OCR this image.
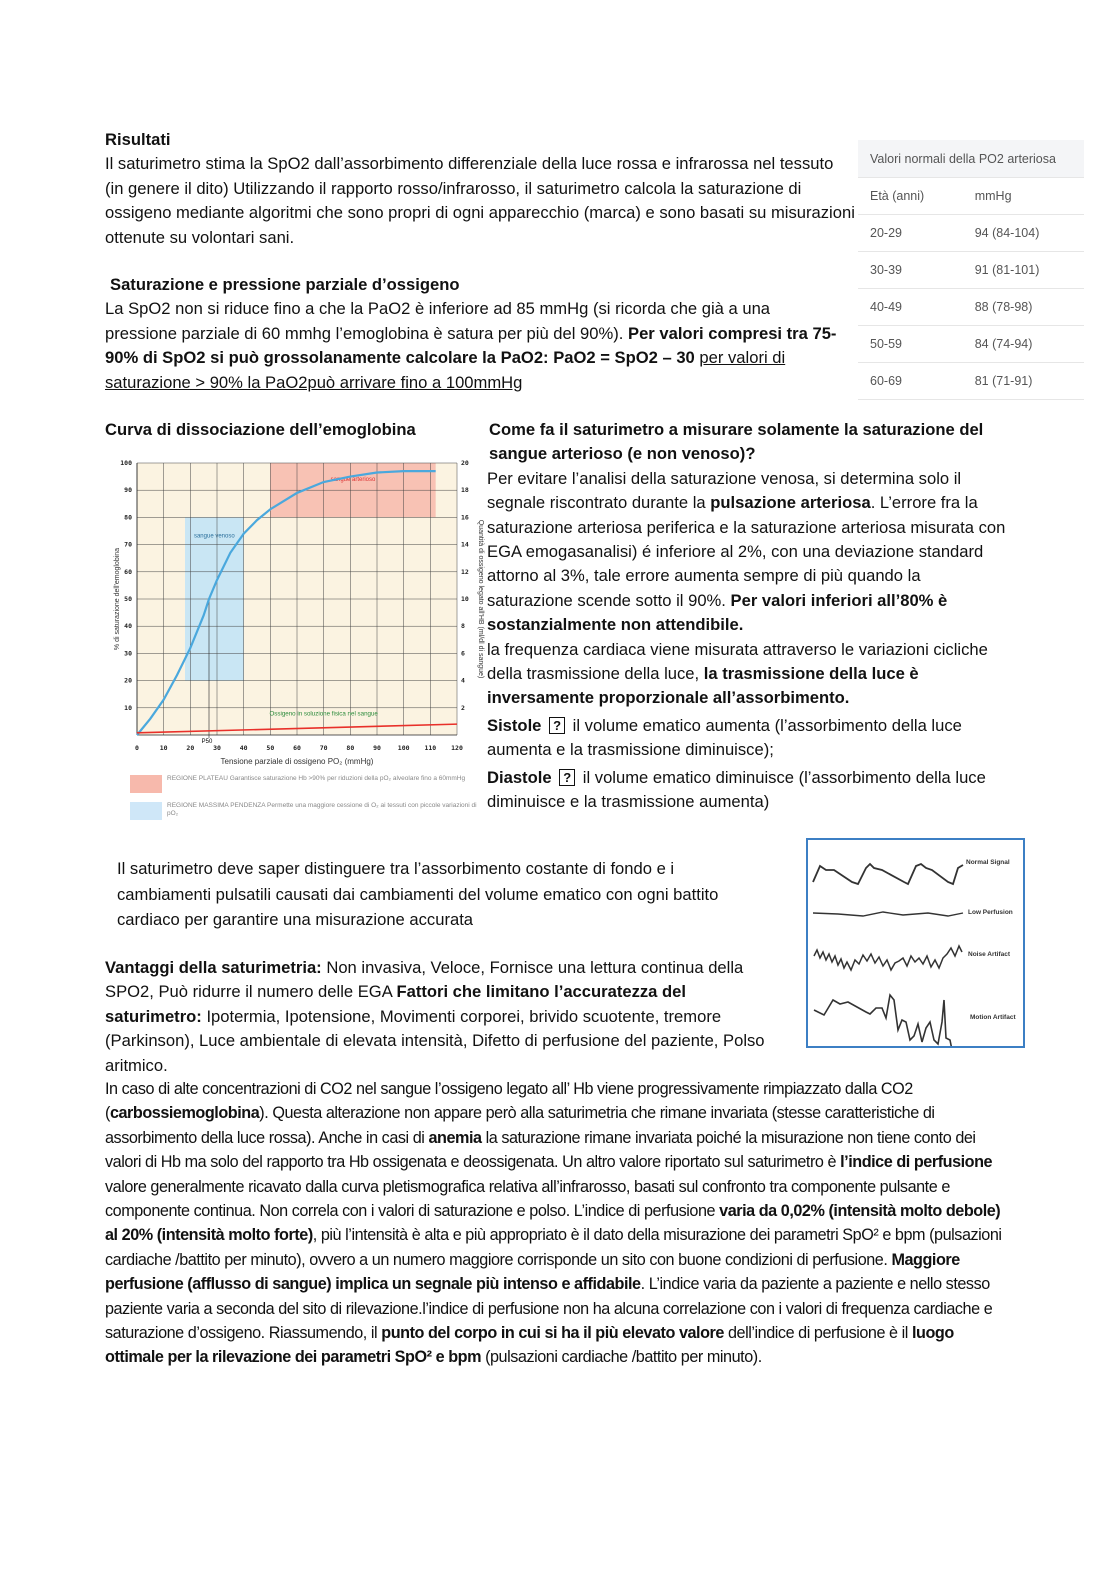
Risultati

Il saturimetro stima la SpO2 dall’assorbimento differenziale della luce rossa e infrarossa nel tessuto (in genere il dito) Utilizzando il rapporto rosso/infrarosso, il saturimetro calcola la saturazione di ossigeno mediante algoritmi che sono propri di ogni apparecchio (marca) e sono basati su misurazioni ottenute su volontari sani.

Saturazione e pressione parziale d’ossigeno

La SpO2 non si riduce fino a che la PaO2 è inferiore ad 85 mmHg (si ricorda che già a una pressione parziale di 60 mmhg l’emoglobina è satura per più del 90%). Per valori compresi tra 75- 90% di SpO2 si può grossolanamente calcolare la PaO2: PaO2 = SpO2 – 30 per valori di saturazione > 90% la PaO2può arrivare fino a 100mmHg

Valori normali della PO2 arteriosa	
Età (anni)	mmHg
20-29	94 (84-104)
30-39	91 (81-101)
40-49	88 (78-98)
50-59	84 (74-94)
60-69	81 (71-91)
Curva di dissociazione dell’emoglobina
sangue venoso
sangue arterioso
0	10	20	30	40	50	60	70	80	90	100 110 120
10
20
30
40
50
60
70
80
90
100
2
4
6
8
10
12
14
16
18
20
P50
Ossigeno in soluzione fisica nel sangue
Tensione parziale di ossigeno PO₂ (mmHg)
% di saturazione dell'emoglobina	Quantità di ossigeno legato all'HB (ml/dl di sangue)
REGIONE PLATEAU Garantisce saturazione Hb >90% per riduzioni della pO₂ alveolare fino a 60mmHg
REGIONE MASSIMA PENDENZA Permette una maggiore cessione di O₂ ai tessuti con piccole variazioni di pO₂

Come fa il saturimetro a misurare solamente la saturazione del sangue arterioso (e non venoso)?

Per evitare l’analisi della saturazione venosa, si determina solo il segnale riscontrato durante la pulsazione arteriosa. L’errore fra la saturazione arteriosa periferica e la saturazione arteriosa misurata con EGA emogasanalisi) é inferiore al 2%, con una deviazione standard attorno al 3%, tale errore aumenta sempre di più quando la saturazione scende sotto il 90%. Per valori inferiori all’80% è sostanzialmente non attendibile.

la frequenza cardiaca viene misurata attraverso le variazioni cicliche della trasmissione della luce, la trasmissione della luce è inversamente proporzionale all’assorbimento.

Sistole ? il volume ematico aumenta (l’assorbimento della luce aumenta e la trasmissione diminuisce);

Diastole ? il volume ematico diminuisce (l’assorbimento della luce diminuisce e la trasmissione aumenta)

Il saturimetro deve saper distinguere tra l’assorbimento costante di fondo e i cambiamenti pulsatili causati dai cambiamenti del volume ematico con ogni battito cardiaco per garantire una misurazione accurata
Normal Signal
Low Perfusion
Noise Artifact
Motion Artifact
Vantaggi della saturimetria: Non invasiva, Veloce, Fornisce una lettura continua della SPO2, Può ridurre il numero delle EGA Fattori che limitano l’accuratezza del saturimetro: Ipotermia, Ipotensione, Movimenti corporei, brivido scuotente, tremore (Parkinson), Luce ambientale di elevata intensità, Difetto di perfusione del paziente, Polso aritmico.
In caso di alte concentrazioni di CO2 nel sangue l’ossigeno legato all’ Hb viene progressivamente rimpiazzato dalla CO2 (carbossiemoglobina). Questa alterazione non appare però alla saturimetria che rimane invariata (stesse caratteristiche di assorbimento della luce rossa). Anche in casi di anemia la saturazione rimane invariata poiché la misurazione non tiene conto dei valori di Hb ma solo del rapporto tra Hb ossigenata e deossigenata. Un altro valore riportato sul saturimetro è l’indice di perfusione valore generalmente ricavato dalla curva pletismografica relativa all’infrarosso, basati sul confronto tra componente pulsante e componente continua. Non correla con i valori di saturazione e polso. L’indice di perfusione varia da 0,02% (intensità molto debole) al 20% (intensità molto forte), più l’intensità è alta e più appropriato è il dato della misurazione dei parametri SpO² e bpm (pulsazioni cardiache /battito per minuto), ovvero a un numero maggiore corrisponde un sito con buone condizioni di perfusione. Maggiore perfusione (afflusso di sangue) implica un segnale più intenso e affidabile. L’indice varia da paziente a paziente e nello stesso paziente varia a seconda del sito di rilevazione.l’indice di perfusione non ha alcuna correlazione con i valori di frequenza cardiache e saturazione d’ossigeno. Riassumendo, il punto del corpo in cui si ha il più elevato valore dell’indice di perfusione è il luogo ottimale per la rilevazione dei parametri SpO² e bpm (pulsazioni cardiache /battito per minuto).
